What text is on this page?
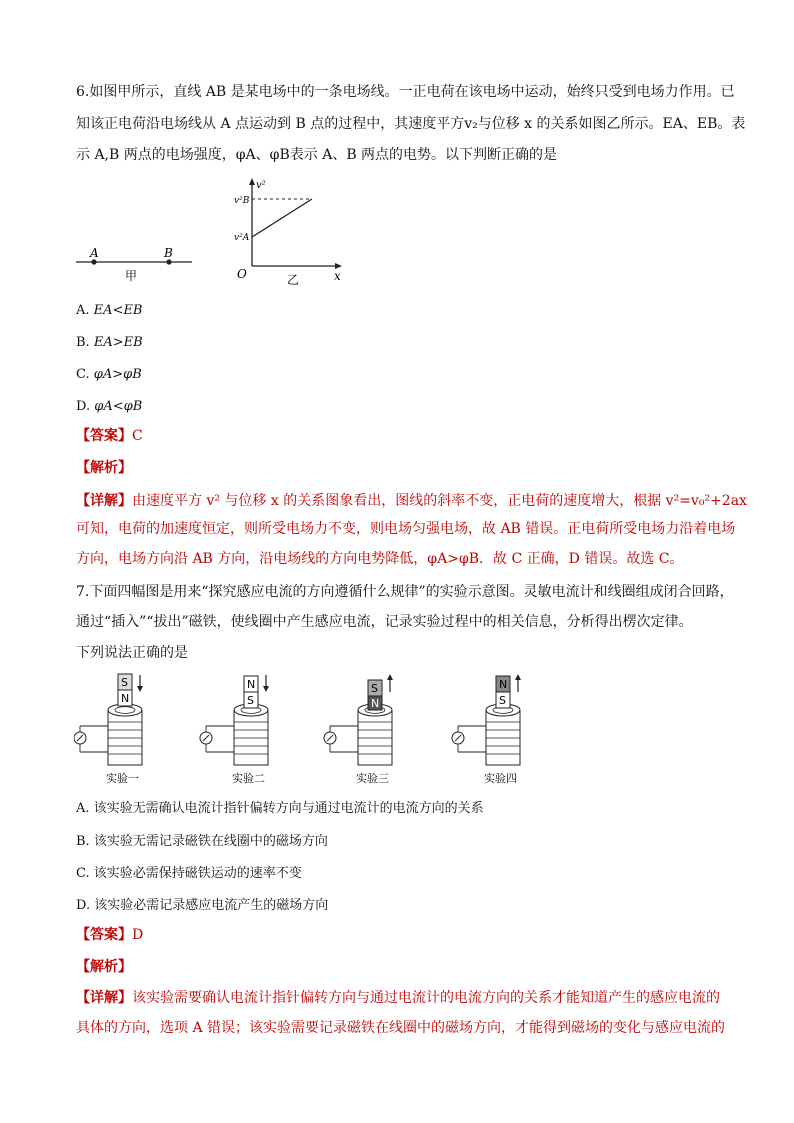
6.如图甲所示，直线 AB 是某电场中的一条电场线。一正电荷在该电场中运动，始终只受到电场力作用。已
知该正电荷沿电场线从 A 点运动到 B 点的过程中，其速度平方v₂与位移 x 的关系如图乙所示。EA、EB。表
示 A,B 两点的电场强度，φA、φB表示 A、B 两点的电势。以下判断正确的是
A	B
甲
v²
v²B
v²A
O	x
乙
A. EA<EB
B. EA>EB
C. φA>φB
D. φA<φB
【答案】C
【解析】
【详解】由速度平方 v² 与位移 x 的关系图象看出，图线的斜率不变，正电荷的速度增大，根据 v²=v₀²+2ax
可知，电荷的加速度恒定，则所受电场力不变，则电场匀强电场，故 AB 错误。正电荷所受电场力沿着电场
方向，电场方向沿 AB 方向，沿电场线的方向电势降低，φA>φB．故 C 正确，D 错误。故选 C。
7.下面四幅图是用来“探究感应电流的方向遵循什么规律”的实验示意图。灵敏电流计和线圈组成闭合回路，
通过“插入”“拔出”磁铁，使线圈中产生感应电流，记录实验过程中的相关信息，分析得出楞次定律。
下列说法正确的是
S
N
实验一
N
S
实验二
S
N
实验三
N
S
实验四
A. 该实验无需确认电流计指针偏转方向与通过电流计的电流方向的关系
B. 该实验无需记录磁铁在线圈中的磁场方向
C. 该实验必需保持磁铁运动的速率不变
D. 该实验必需记录感应电流产生的磁场方向
【答案】D
【解析】
【详解】该实验需要确认电流计指针偏转方向与通过电流计的电流方向的关系才能知道产生的感应电流的
具体的方向，选项 A 错误；该实验需要记录磁铁在线圈中的磁场方向，才能得到磁场的变化与感应电流的
